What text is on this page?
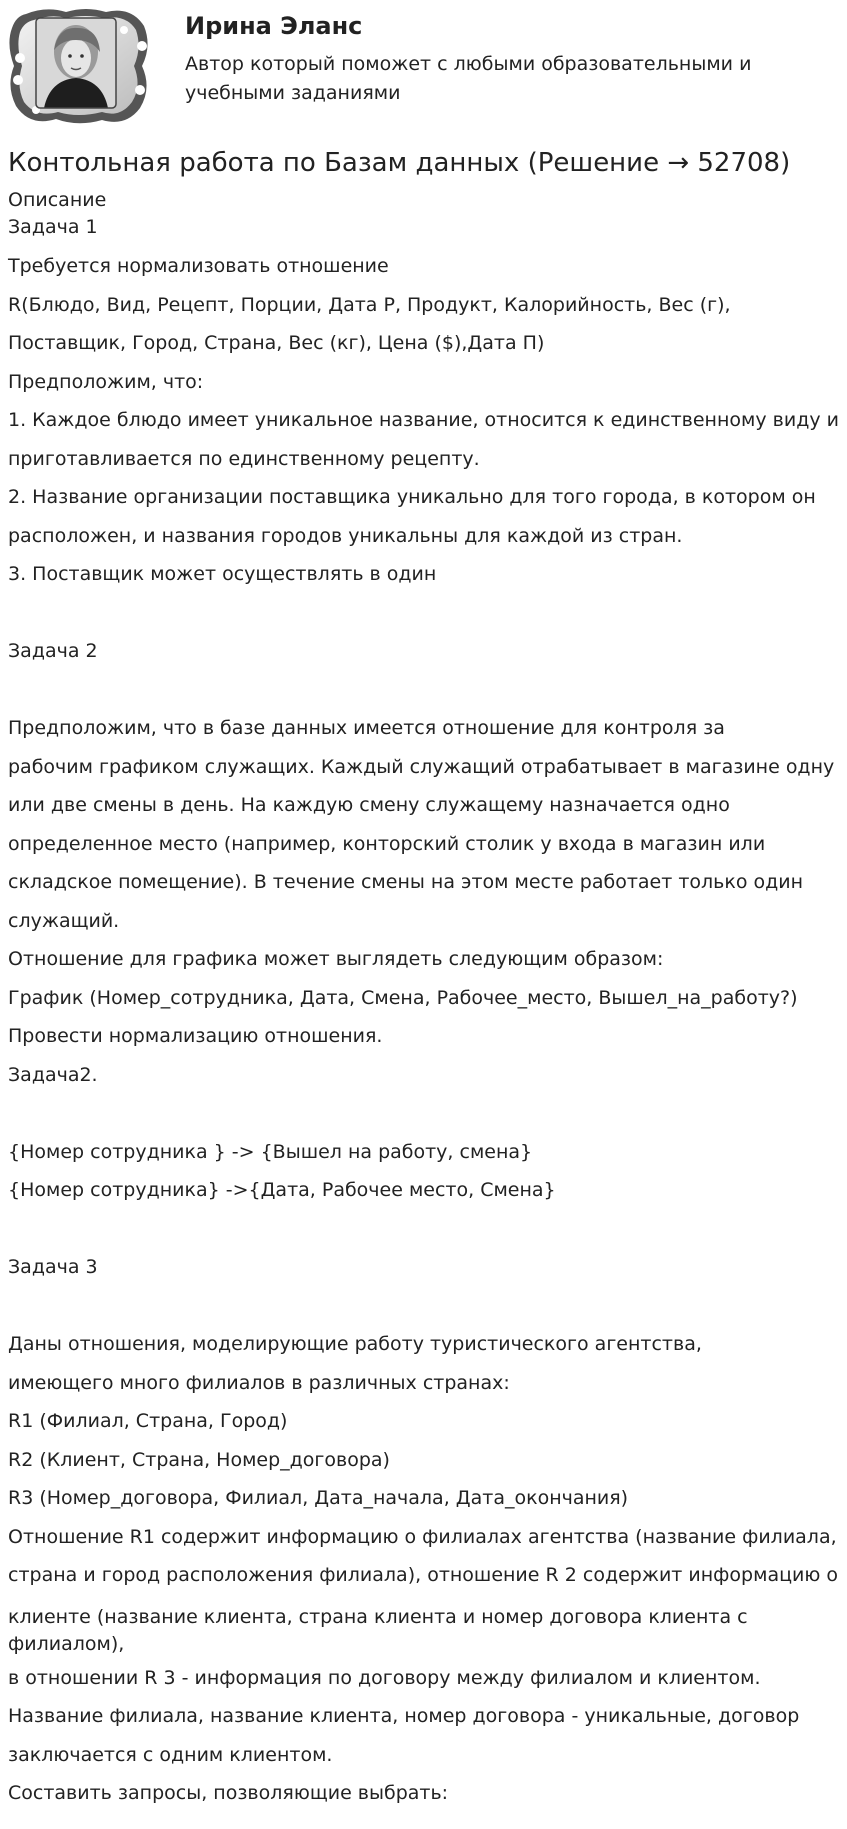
Ирина Эланс
Автор который поможет с любыми образовательными и учебными заданиями
Контольная работа по Базам данных (Решение → 52708)
Описание
Задача 1
Требуется нормализовать отношение
R(Блюдо, Вид, Рецепт, Порции, Дата Р, Продукт, Калорийность, Вес (г),
Поставщик, Город, Страна, Вес (кг), Цена ($),Дата П)
Предположим, что:
1. Каждое блюдо имеет уникальное название, относится к единственному виду и
приготавливается по единственному рецепту.
2. Название организации поставщика уникально для того города, в котором он
расположен, и названия городов уникальны для каждой из стран.
3. Поставщик может осуществлять в один
Задача 2
Предположим, что в базе данных имеется отношение для контроля за
рабочим графиком служащих. Каждый служащий отрабатывает в магазине одну
или две смены в день. На каждую смену служащему назначается одно
определенное место (например, конторский столик у входа в магазин или
складское помещение). В течение смены на этом месте работает только один
служащий.
Отношение для графика может выглядеть следующим образом:
График (Номер_сотрудника, Дата, Смена, Рабочее_место, Вышел_на_работу?)
Провести нормализацию отношения.
Задача2.
{Номер сотрудника } -> {Вышел на работу, смена}
{Номер сотрудника} ->{Дата, Рабочее место, Смена}
Задача 3
Даны отношения, моделирующие работу туристического агентства,
имеющего много филиалов в различных странах:
R1 (Филиал, Страна, Город)
R2 (Клиент, Страна, Номер_договора)
R3 (Номер_договора, Филиал, Дата_начала, Дата_окончания)
Отношение R1 содержит информацию о филиалах агентства (название филиала,
страна и город расположения филиала), отношение R 2 содержит информацию о
клиенте (название клиента, страна клиента и номер договора клиента с филиалом),
в отношении R 3 - информация по договору между филиалом и клиентом.
Название филиала, название клиента, номер договора - уникальные, договор
заключается с одним клиентом.
Составить запросы, позволяющие выбрать:
